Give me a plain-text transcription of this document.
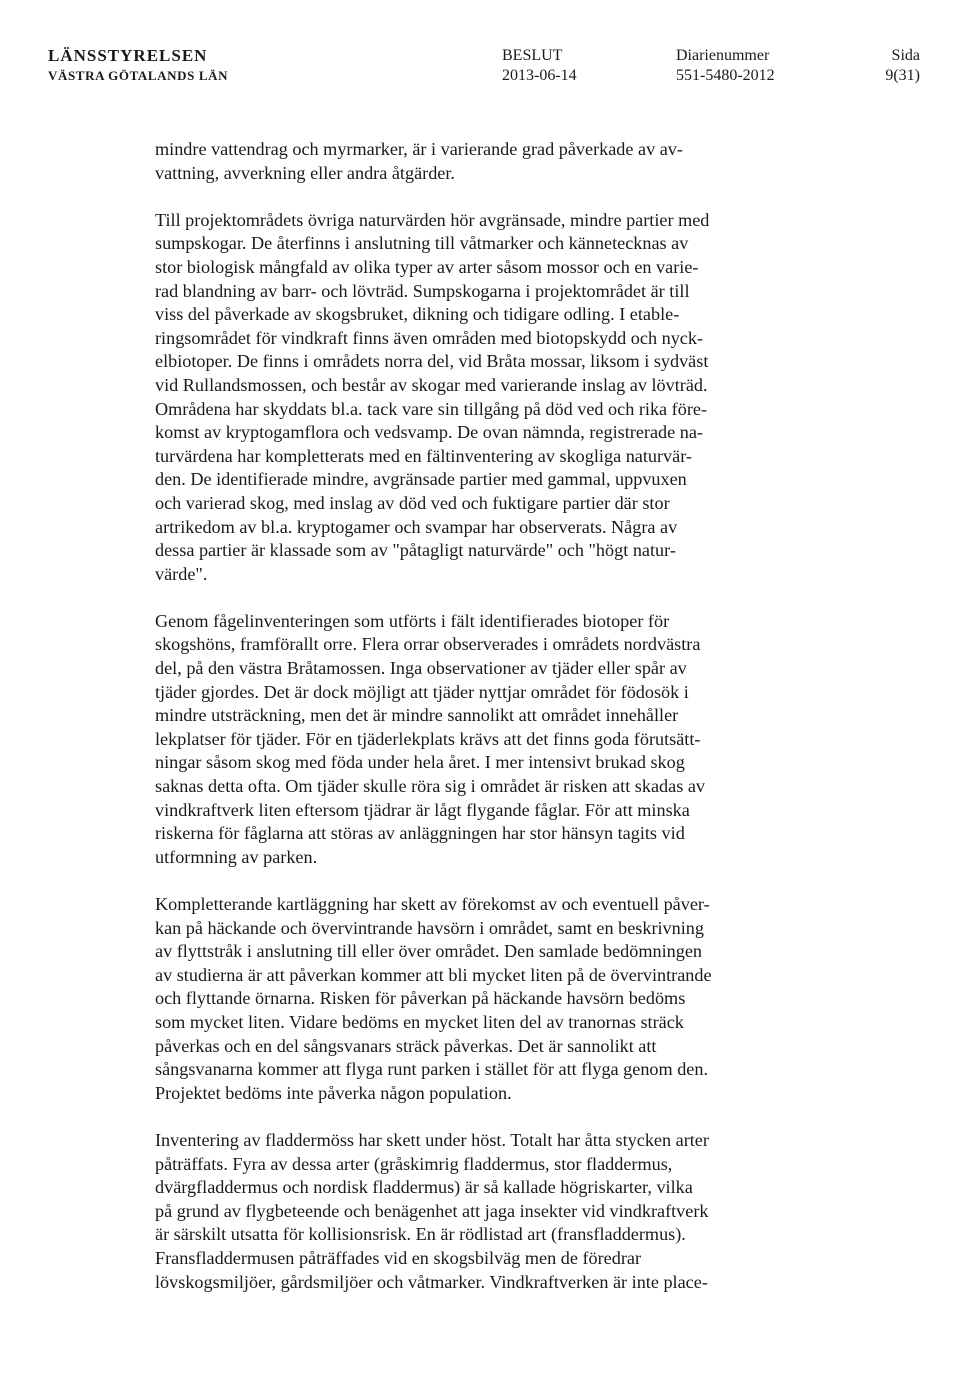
LÄNSSTYRELSEN
VÄSTRA GÖTALANDS LÄN
BESLUT
2013-06-14
Diarienummer
551-5480-2012
Sida
9(31)

mindre vattendrag och myrmarker, är i varierande grad påverkade av av-
vattning, avverkning eller andra åtgärder.

Till projektområdets övriga naturvärden hör avgränsade, mindre partier med
sumpskogar. De återfinns i anslutning till våtmarker och kännetecknas av
stor biologisk mångfald av olika typer av arter såsom mossor och en varie-
rad blandning av barr- och lövträd. Sumpskogarna i projektområdet är till
viss del påverkade av skogsbruket, dikning och tidigare odling. I etable-
ringsområdet för vindkraft finns även områden med biotopskydd och nyck-
elbiotoper. De finns i områdets norra del, vid Bråta mossar, liksom i sydväst
vid Rullandsmossen, och består av skogar med varierande inslag av lövträd.
Områdena har skyddats bl.a. tack vare sin tillgång på död ved och rika före-
komst av kryptogamflora och vedsvamp. De ovan nämnda, registrerade na-
turvärdena har kompletterats med en fältinventering av skogliga naturvär-
den. De identifierade mindre, avgränsade partier med gammal, uppvuxen
och varierad skog, med inslag av död ved och fuktigare partier där stor
artrikedom av bl.a. kryptogamer och svampar har observerats. Några av
dessa partier är klassade som av "påtagligt naturvärde" och "högt natur-
värde".

Genom fågelinventeringen som utförts i fält identifierades biotoper för
skogshöns, framförallt orre. Flera orrar observerades i områdets nordvästra
del, på den västra Bråtamossen. Inga observationer av tjäder eller spår av
tjäder gjordes. Det är dock möjligt att tjäder nyttjar området för födosök i
mindre utsträckning, men det är mindre sannolikt att området innehåller
lekplatser för tjäder. För en tjäderlekplats krävs att det finns goda förutsätt-
ningar såsom skog med föda under hela året. I mer intensivt brukad skog
saknas detta ofta. Om tjäder skulle röra sig i området är risken att skadas av
vindkraftverk liten eftersom tjädrar är lågt flygande fåglar. För att minska
riskerna för fåglarna att störas av anläggningen har stor hänsyn tagits vid
utformning av parken.

Kompletterande kartläggning har skett av förekomst av och eventuell påver-
kan på häckande och övervintrande havsörn i området, samt en beskrivning
av flyttstråk i anslutning till eller över området. Den samlade bedömningen
av studierna är att påverkan kommer att bli mycket liten på de övervintrande
och flyttande örnarna. Risken för påverkan på häckande havsörn bedöms
som mycket liten. Vidare bedöms en mycket liten del av tranornas sträck
påverkas och en del sångsvanars sträck påverkas. Det är sannolikt att
sångsvanarna kommer att flyga runt parken i stället för att flyga genom den.
Projektet bedöms inte påverka någon population.

Inventering av fladdermöss har skett under höst. Totalt har åtta stycken arter
påträffats. Fyra av dessa arter (gråskimrig fladdermus, stor fladdermus,
dvärgfladdermus och nordisk fladdermus) är så kallade högriskarter, vilka
på grund av flygbeteende och benägenhet att jaga insekter vid vindkraftverk
är särskilt utsatta för kollisionsrisk. En är rödlistad art (fransfladdermus).
Fransfladdermusen påträffades vid en skogsbilväg men de föredrar
lövskogsmiljöer, gårdsmiljöer och våtmarker. Vindkraftverken är inte place-
